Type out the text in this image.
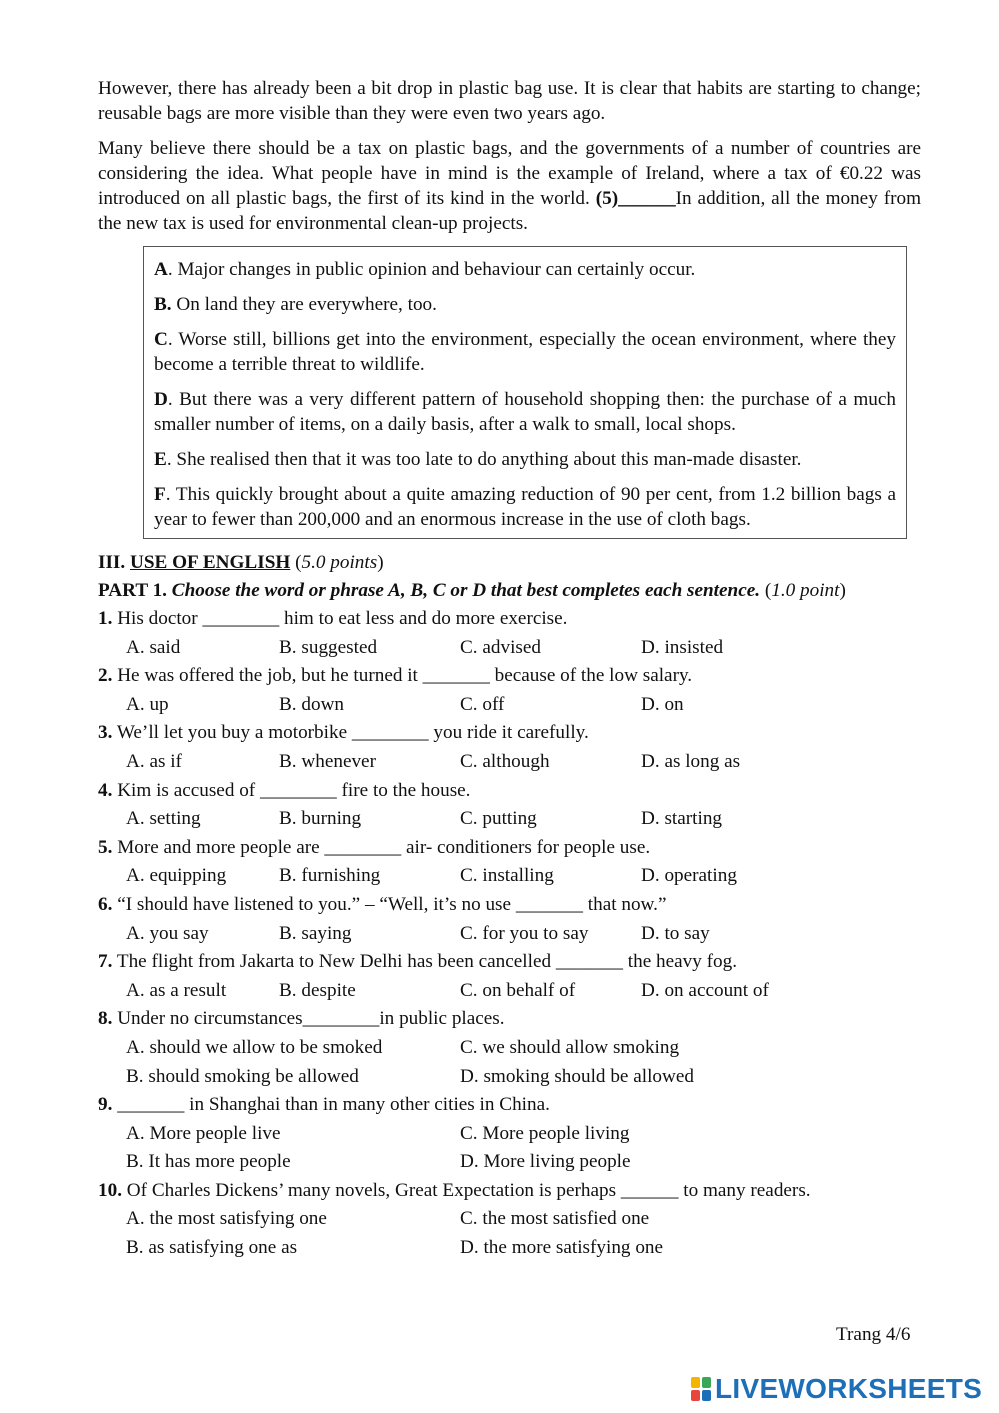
However, there has already been a bit drop in plastic bag use. It is clear that habits are starting to change; reusable bags are more visible than they were even two years ago.

Many believe there should be a tax on plastic bags, and the governments of a number of countries are considering the idea. What people have in mind is the example of Ireland, where a tax of €0.22 was introduced on all plastic bags, the first of its kind in the world. (5)______In addition, all the money from the new tax is used for environmental clean-up projects.

A. Major changes in public opinion and behaviour can certainly occur.
B. On land they are everywhere, too.
C. Worse still, billions get into the environment, especially the ocean environment, where they become a terrible threat to wildlife.
D. But there was a very different pattern of household shopping then: the purchase of a much smaller number of items, on a daily basis, after a walk to small, local shops.
E. She realised then that it was too late to do anything about this man-made disaster.
F. This quickly brought about a quite amazing reduction of 90 per cent, from 1.2 billion bags a year to fewer than 200,000 and an enormous increase in the use of cloth bags.
III. USE OF ENGLISH (5.0 points)
PART 1. Choose the word or phrase A, B, C or D that best completes each sentence. (1.0 point)
1. His doctor ________ him to eat less and do more exercise.
A. said	B. suggested	C. advised	D. insisted
2. He was offered the job, but he turned it _______ because of the low salary.
A. up	B. down	C. off	D. on
3. We’ll let you buy a motorbike ________ you ride it carefully.
A. as if	B. whenever	C. although	D. as long as
4. Kim is accused of ________ fire to the house.
A. setting	B. burning	C. putting	D. starting
5. More and more people are ________ air- conditioners for people use.
A. equipping	B. furnishing	C. installing	D. operating
6. “I should have listened to you.” – “Well, it’s no use _______ that now.”
A. you say	B. saying	C. for you to say	D. to say
7. The flight from Jakarta to New Delhi has been cancelled _______ the heavy fog.
A. as a result	B. despite	C. on behalf of	D. on account of
8. Under no circumstances________in public places.
A. should we allow to be smoked	C. we should allow smoking
B. should smoking be allowed	D. smoking should be allowed
9. _______ in Shanghai than in many other cities in China.
A. More people live	C. More people living
B. It has more people	D. More living people
10. Of Charles Dickens’ many novels, Great Expectation is perhaps ______ to many readers.
A. the most satisfying one	C. the most satisfied one
B. as satisfying one as	D. the more satisfying one
Trang 4/6
LIVEWORKSHEETS
